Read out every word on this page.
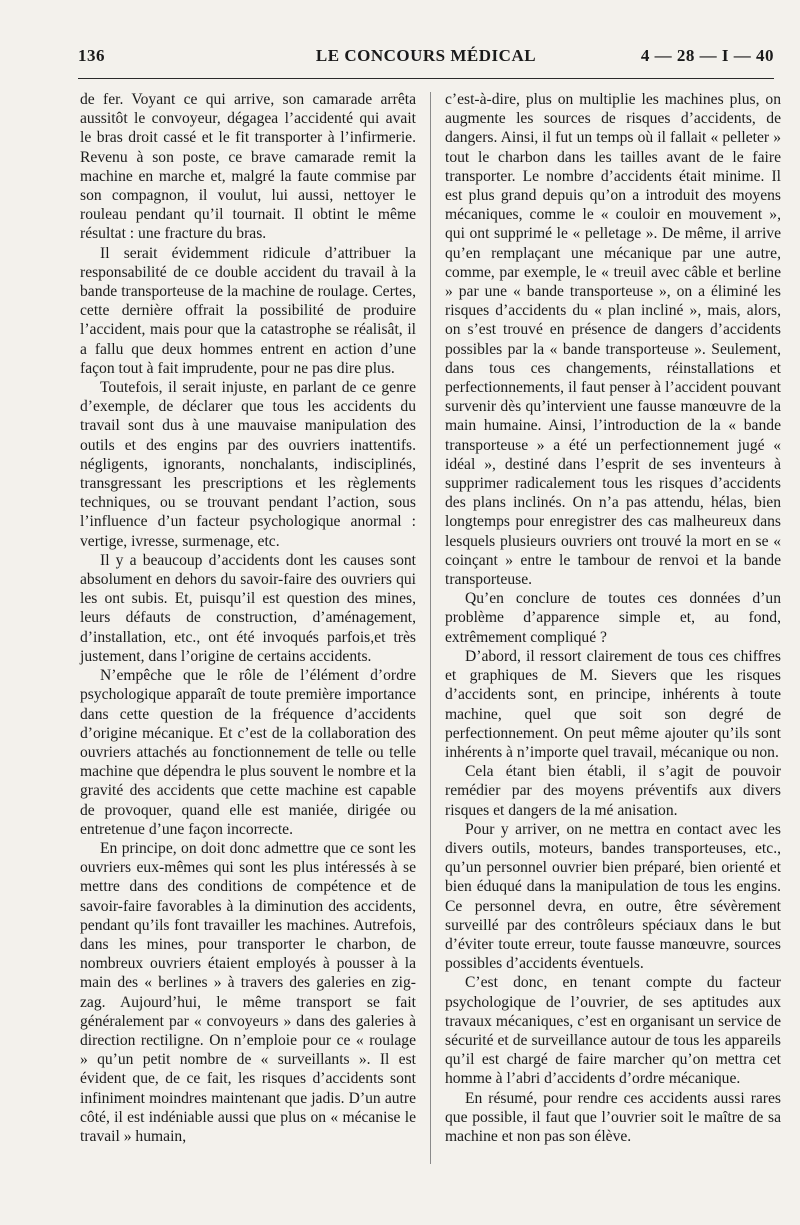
136	LE CONCOURS MÉDICAL	4 — 28 — I — 40

de fer. Voyant ce qui arrive, son camarade arrêta aussitôt le convoyeur, dégagea l’accidenté qui avait le bras droit cassé et le fit transporter à l’infirmerie. Revenu à son poste, ce brave camarade remit la machine en marche et, malgré la faute commise par son compagnon, il voulut, lui aussi, nettoyer le rouleau pendant qu’il tournait. Il obtint le même résultat : une fracture du bras.

Il serait évidemment ridicule d’attribuer la responsabilité de ce double accident du travail à la bande transporteuse de la machine de roulage. Certes, cette dernière offrait la possibilité de produire l’accident, mais pour que la catastrophe se réalisât, il a fallu que deux hommes entrent en action d’une façon tout à fait imprudente, pour ne pas dire plus.

Toutefois, il serait injuste, en parlant de ce genre d’exemple, de déclarer que tous les accidents du travail sont dus à une mauvaise manipulation des outils et des engins par des ouvriers inattentifs. négligents, ignorants, nonchalants, indisciplinés, transgressant les prescriptions et les règlements techniques, ou se trouvant pendant l’action, sous l’influence d’un facteur psychologique anormal : vertige, ivresse, surmenage, etc.

Il y a beaucoup d’accidents dont les causes sont absolument en dehors du savoir-faire des ouvriers qui les ont subis. Et, puisqu’il est question des mines, leurs défauts de construction, d’aménagement, d’installation, etc., ont été invoqués parfois,et très justement, dans l’origine de certains accidents.

N’empêche que le rôle de l’élément d’ordre psychologique apparaît de toute première importance dans cette question de la fréquence d’accidents d’origine mécanique. Et c’est de la collaboration des ouvriers attachés au fonctionnement de telle ou telle machine que dépendra le plus souvent le nombre et la gravité des accidents que cette machine est capable de provoquer, quand elle est maniée, dirigée ou entretenue d’une façon incorrecte.

En principe, on doit donc admettre que ce sont les ouvriers eux-mêmes qui sont les plus intéressés à se mettre dans des conditions de compétence et de savoir-faire favorables à la diminution des accidents, pendant qu’ils font travailler les machines. Autrefois, dans les mines, pour transporter le charbon, de nombreux ouvriers étaient employés à pousser à la main des « berlines » à travers des galeries en zig-zag. Aujourd’hui, le même transport se fait généralement par « convoyeurs » dans des galeries à direction rectiligne. On n’emploie pour ce « roulage » qu’un petit nombre de « surveillants ». Il est évident que, de ce fait, les risques d’accidents sont infiniment moindres maintenant que jadis. D’un autre côté, il est indéniable aussi que plus on « mécanise le travail » humain,

c’est-à-dire, plus on multiplie les machines plus, on augmente les sources de risques d’accidents, de dangers. Ainsi, il fut un temps où il fallait « pelleter » tout le charbon dans les tailles avant de le faire transporter. Le nombre d’accidents était minime. Il est plus grand depuis qu’on a introduit des moyens mécaniques, comme le « couloir en mouvement », qui ont supprimé le « pelletage ». De même, il arrive qu’en remplaçant une mécanique par une autre, comme, par exemple, le « treuil avec câble et berline » par une « bande transporteuse », on a éliminé les risques d’accidents du « plan incliné », mais, alors, on s’est trouvé en présence de dangers d’accidents possibles par la « bande transporteuse ». Seulement, dans tous ces changements, réinstallations et perfectionnements, il faut penser à l’accident pouvant survenir dès qu’intervient une fausse manœuvre de la main humaine. Ainsi, l’introduction de la « bande transporteuse » a été un perfectionnement jugé « idéal », destiné dans l’esprit de ses inventeurs à supprimer radicalement tous les risques d’accidents des plans inclinés. On n’a pas attendu, hélas, bien longtemps pour enregistrer des cas malheureux dans lesquels plusieurs ouvriers ont trouvé la mort en se « coinçant » entre le tambour de renvoi et la bande transporteuse.

Qu’en conclure de toutes ces données d’un problème d’apparence simple et, au fond, extrêmement compliqué ?

D’abord, il ressort clairement de tous ces chiffres et graphiques de M. Sievers que les risques d’accidents sont, en principe, inhérents à toute machine, quel que soit son degré de perfectionnement. On peut même ajouter qu’ils sont inhérents à n’importe quel travail, mécanique ou non.

Cela étant bien établi, il s’agit de pouvoir remédier par des moyens préventifs aux divers risques et dangers de la mé anisation.

Pour y arriver, on ne mettra en contact avec les divers outils, moteurs, bandes transporteuses, etc., qu’un personnel ouvrier bien préparé, bien orienté et bien éduqué dans la manipulation de tous les engins. Ce personnel devra, en outre, être sévèrement surveillé par des contrôleurs spéciaux dans le but d’éviter toute erreur, toute fausse manœuvre, sources possibles d’accidents éventuels.

C’est donc, en tenant compte du facteur psychologique de l’ouvrier, de ses aptitudes aux travaux mécaniques, c’est en organisant un service de sécurité et de surveillance autour de tous les appareils qu’il est chargé de faire marcher qu’on mettra cet homme à l’abri d’accidents d’ordre mécanique.

En résumé, pour rendre ces accidents aussi rares que possible, il faut que l’ouvrier soit le maître de sa machine et non pas son élève.
